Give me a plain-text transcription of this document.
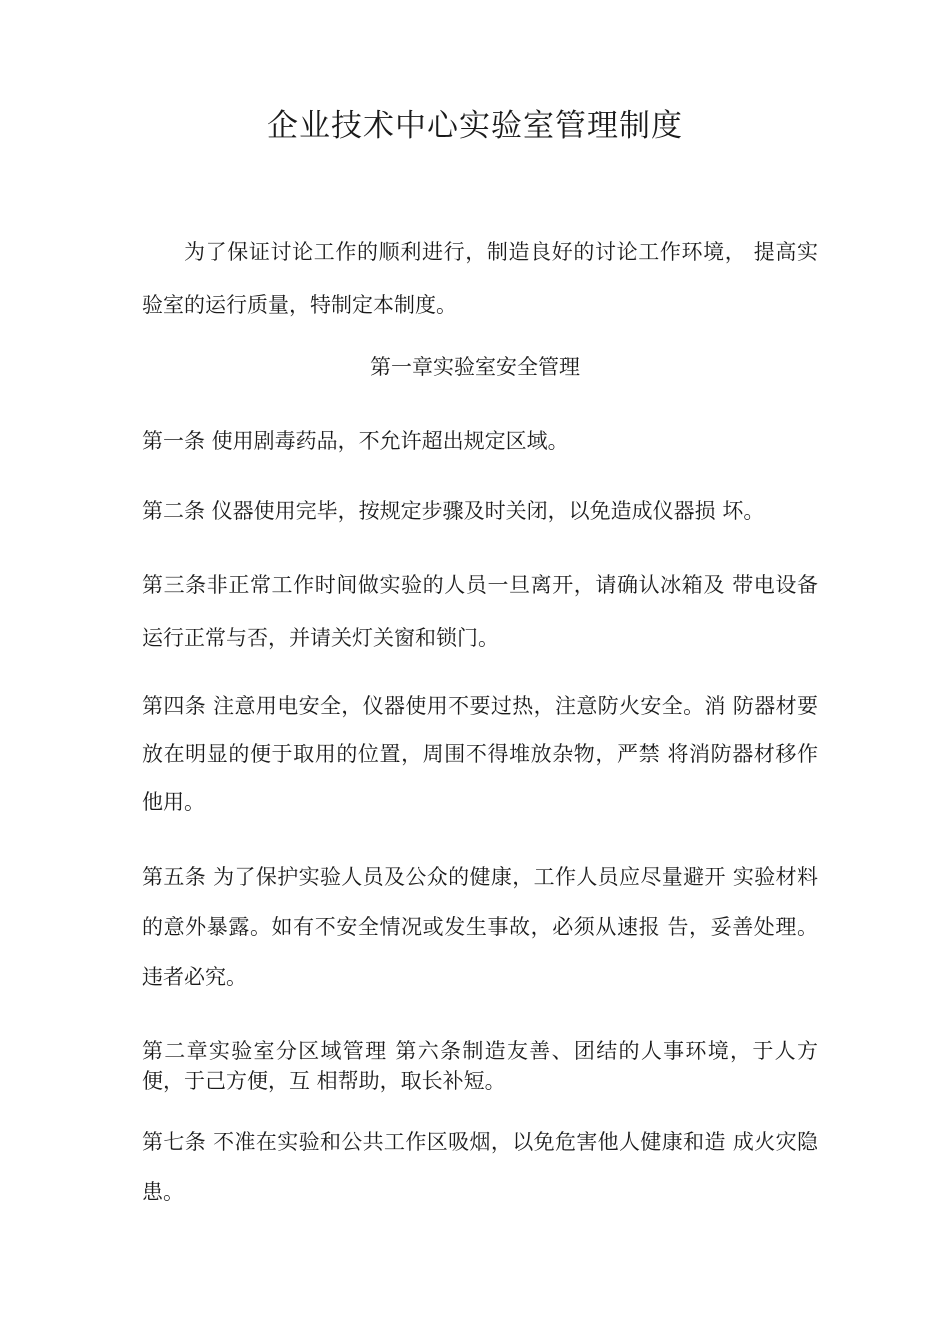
企业技术中心实验室管理制度
为了保证讨论工作的顺利进行，制造良好的讨论工作环境， 提高实验室的运行质量，特制定本制度。
第一章实验室安全管理
第一条 使用剧毒药品，不允许超出规定区域。
第二条 仪器使用完毕，按规定步骤及时关闭，以免造成仪器损 坏。
第三条非正常工作时间做实验的人员一旦离开，请确认冰箱及 带电设备运行正常与否，并请关灯关窗和锁门。
第四条 注意用电安全，仪器使用不要过热，注意防火安全。消 防器材要放在明显的便于取用的位置，周围不得堆放杂物，严禁 将消防器材移作他用。
第五条 为了保护实验人员及公众的健康，工作人员应尽量避开 实验材料的意外暴露。如有不安全情况或发生事故，必须从速报 告，妥善处理。违者必究。
第二章实验室分区域管理 第六条制造友善、团结的人事环境，于人方便，于己方便，互 相帮助，取长补短。
第七条 不准在实验和公共工作区吸烟，以免危害他人健康和造 成火灾隐患。
